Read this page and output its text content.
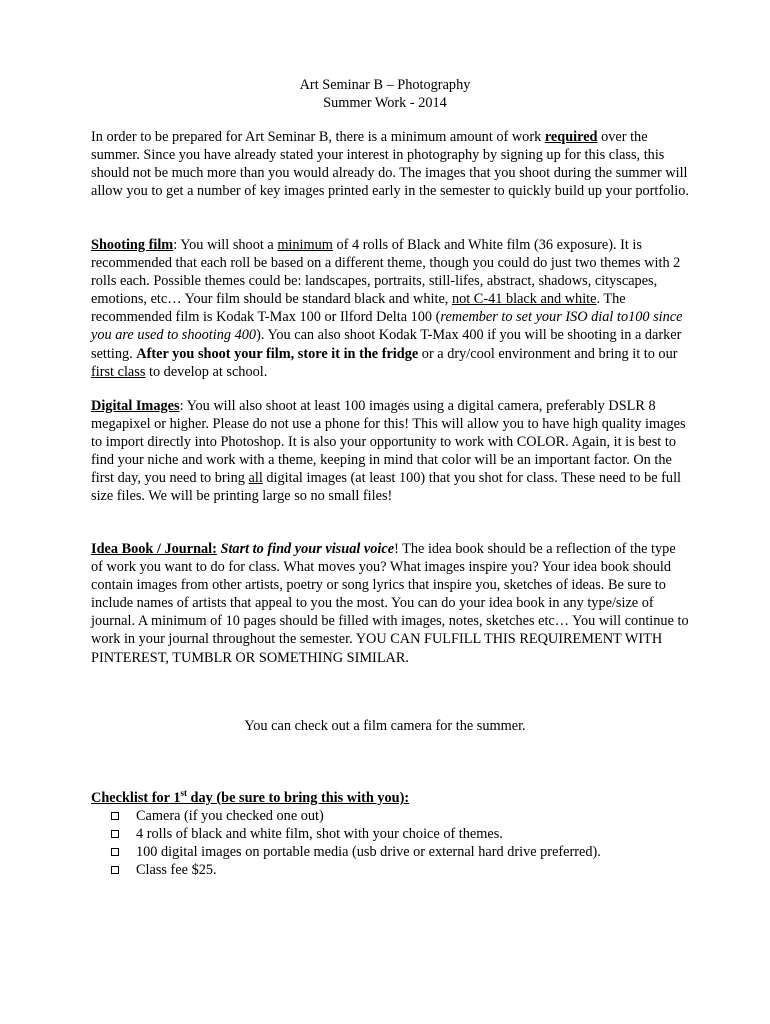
Art Seminar B – Photography
Summer Work - 2014

In order to be prepared for Art Seminar B, there is a minimum amount of work required over the summer. Since you have already stated your interest in photography by signing up for this class, this should not be much more than you would already do. The images that you shoot during the summer will allow you to get a number of key images printed early in the semester to quickly build up your portfolio.

Shooting film: You will shoot a minimum of 4 rolls of Black and White film (36 exposure). It is recommended that each roll be based on a different theme, though you could do just two themes with 2 rolls each. Possible themes could be: landscapes, portraits, still-lifes, abstract, shadows, cityscapes, emotions, etc… Your film should be standard black and white, not C-41 black and white. The recommended film is Kodak T-Max 100 or Ilford Delta 100 (remember to set your ISO dial to100 since you are used to shooting 400). You can also shoot Kodak T-Max 400 if you will be shooting in a darker setting. After you shoot your film, store it in the fridge or a dry/cool environment and bring it to our first class to develop at school.

Digital Images: You will also shoot at least 100 images using a digital camera, preferably DSLR 8 megapixel or higher. Please do not use a phone for this! This will allow you to have high quality images to import directly into Photoshop. It is also your opportunity to work with COLOR. Again, it is best to find your niche and work with a theme, keeping in mind that color will be an important factor. On the first day, you need to bring all digital images (at least 100) that you shot for class. These need to be full size files. We will be printing large so no small files!

Idea Book / Journal: Start to find your visual voice! The idea book should be a reflection of the type of work you want to do for class. What moves you? What images inspire you? Your idea book should contain images from other artists, poetry or song lyrics that inspire you, sketches of ideas. Be sure to include names of artists that appeal to you the most. You can do your idea book in any type/size of journal. A minimum of 10 pages should be filled with images, notes, sketches etc… You will continue to work in your journal throughout the semester. YOU CAN FULFILL THIS REQUIREMENT WITH PINTEREST, TUMBLR OR SOMETHING SIMILAR.

You can check out a film camera for the summer.
Checklist for 1st day (be sure to bring this with you):
Camera (if you checked one out)
4 rolls of black and white film, shot with your choice of themes.
100 digital images on portable media (usb drive or external hard drive preferred).
Class fee $25.
